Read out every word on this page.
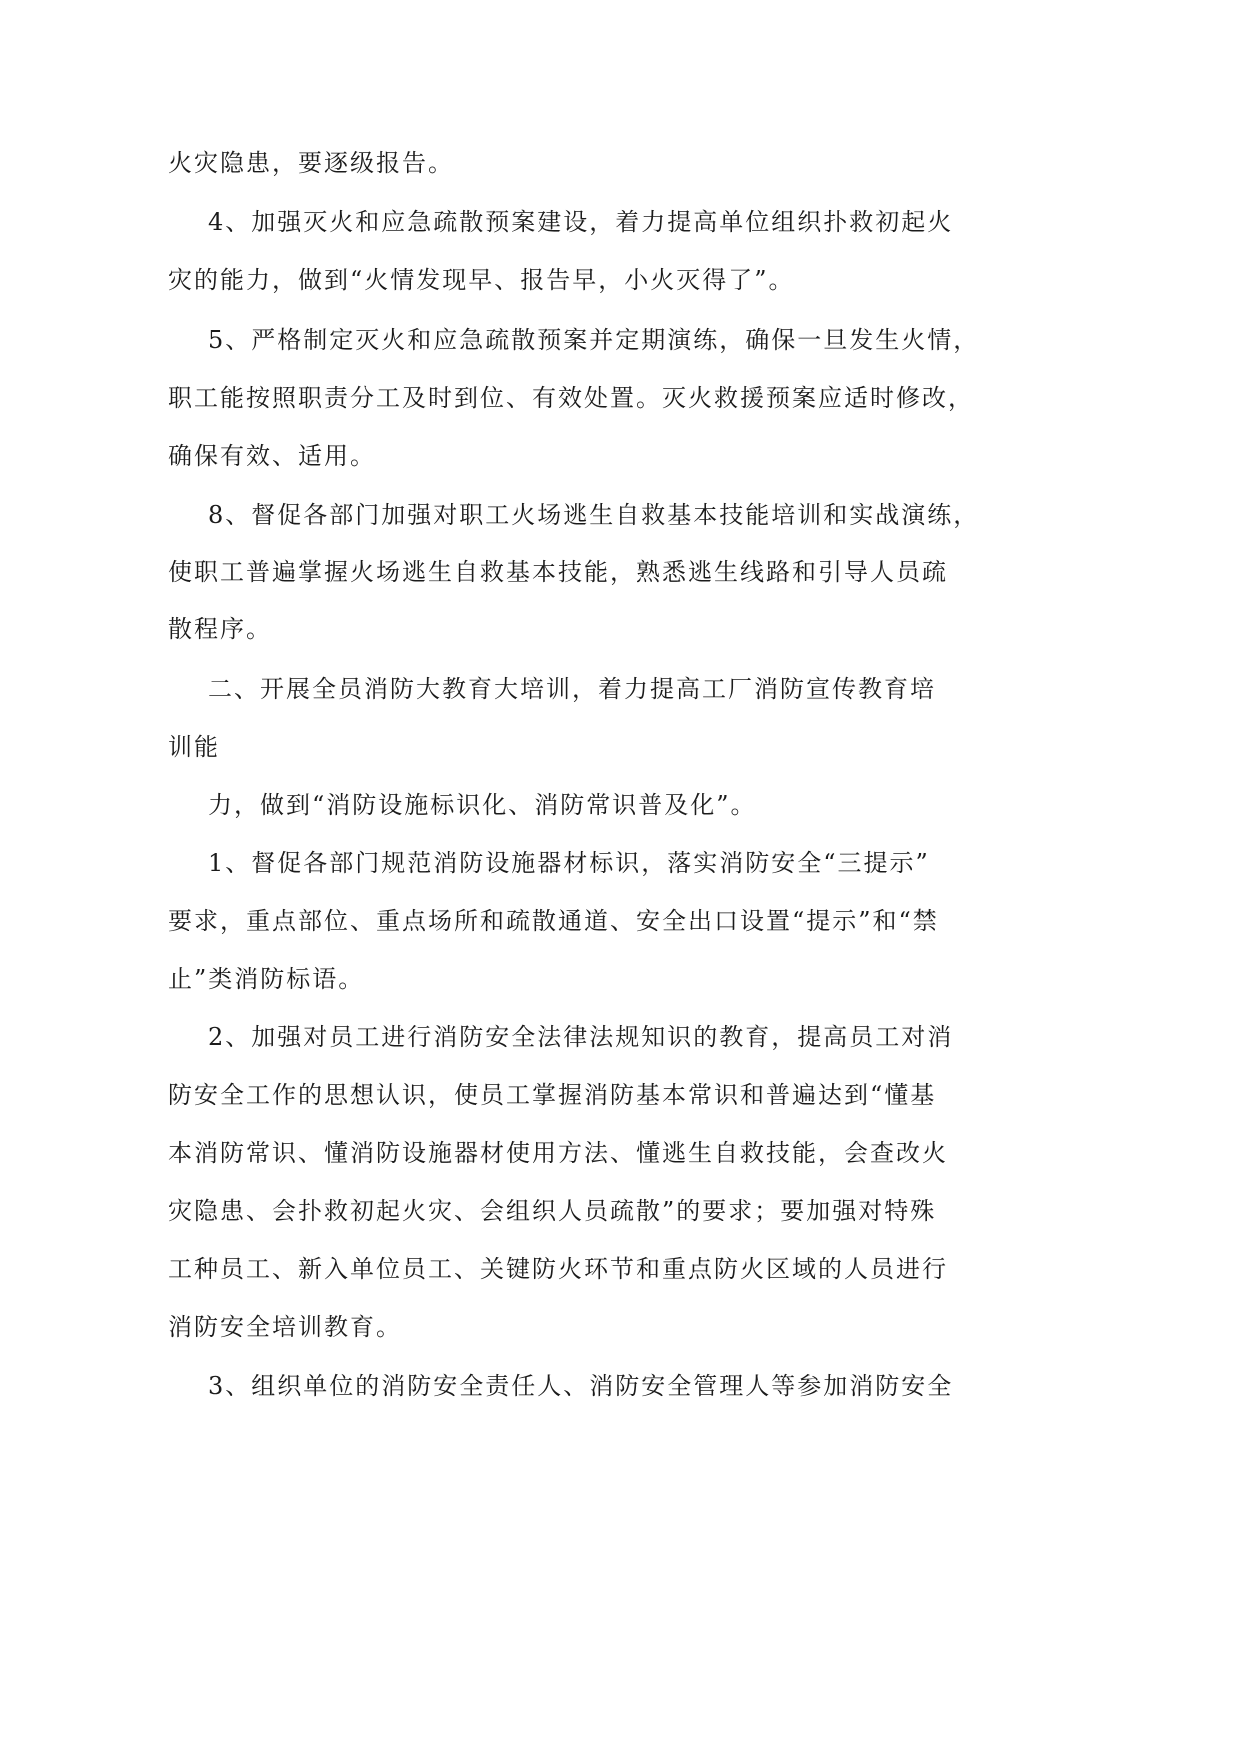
火灾隐患，要逐级报告。
4、加强灭火和应急疏散预案建设，着力提高单位组织扑救初起火
灾的能力，做到“火情发现早、报告早，小火灭得了”。
5、严格制定灭火和应急疏散预案并定期演练，确保一旦发生火情，
职工能按照职责分工及时到位、有效处置。灭火救援预案应适时修改，
确保有效、适用。
8、督促各部门加强对职工火场逃生自救基本技能培训和实战演练，
使职工普遍掌握火场逃生自救基本技能，熟悉逃生线路和引导人员疏
散程序。
二、开展全员消防大教育大培训，着力提高工厂消防宣传教育培
训能
力，做到“消防设施标识化、消防常识普及化”。
1、督促各部门规范消防设施器材标识，落实消防安全“三提示”
要求，重点部位、重点场所和疏散通道、安全出口设置“提示”和“禁
止”类消防标语。
2、加强对员工进行消防安全法律法规知识的教育，提高员工对消
防安全工作的思想认识，使员工掌握消防基本常识和普遍达到“懂基
本消防常识、懂消防设施器材使用方法、懂逃生自救技能，会查改火
灾隐患、会扑救初起火灾、会组织人员疏散”的要求；要加强对特殊
工种员工、新入单位员工、关键防火环节和重点防火区域的人员进行
消防安全培训教育。
3、组织单位的消防安全责任人、消防安全管理人等参加消防安全
